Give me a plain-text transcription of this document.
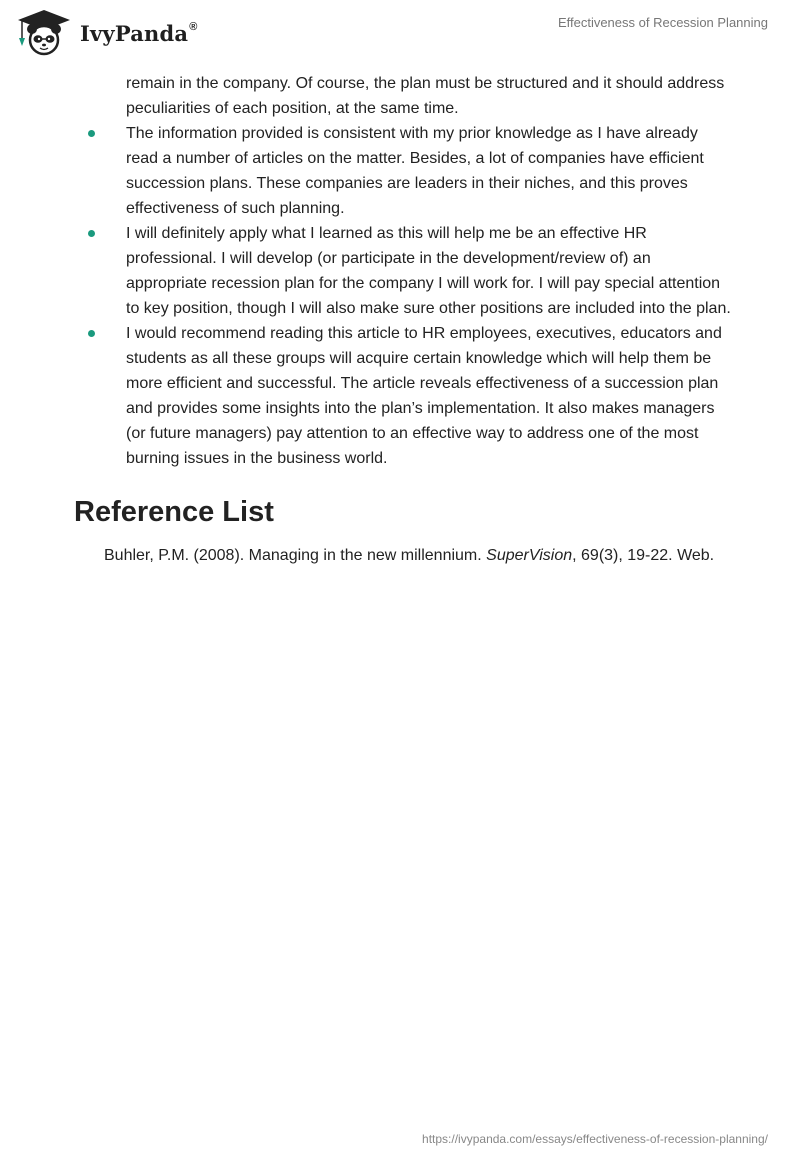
IvyPanda®	Effectiveness of Recession Planning
remain in the company. Of course, the plan must be structured and it should address peculiarities of each position, at the same time.
The information provided is consistent with my prior knowledge as I have already read a number of articles on the matter. Besides, a lot of companies have efficient succession plans. These companies are leaders in their niches, and this proves effectiveness of such planning.
I will definitely apply what I learned as this will help me be an effective HR professional. I will develop (or participate in the development/review of) an appropriate recession plan for the company I will work for. I will pay special attention to key position, though I will also make sure other positions are included into the plan.
I would recommend reading this article to HR employees, executives, educators and students as all these groups will acquire certain knowledge which will help them be more efficient and successful. The article reveals effectiveness of a succession plan and provides some insights into the plan’s implementation. It also makes managers (or future managers) pay attention to an effective way to address one of the most burning issues in the business world.
Reference List

Buhler, P.M. (2008). Managing in the new millennium. SuperVision, 69(3), 19-22. Web.

https://ivypanda.com/essays/effectiveness-of-recession-planning/
